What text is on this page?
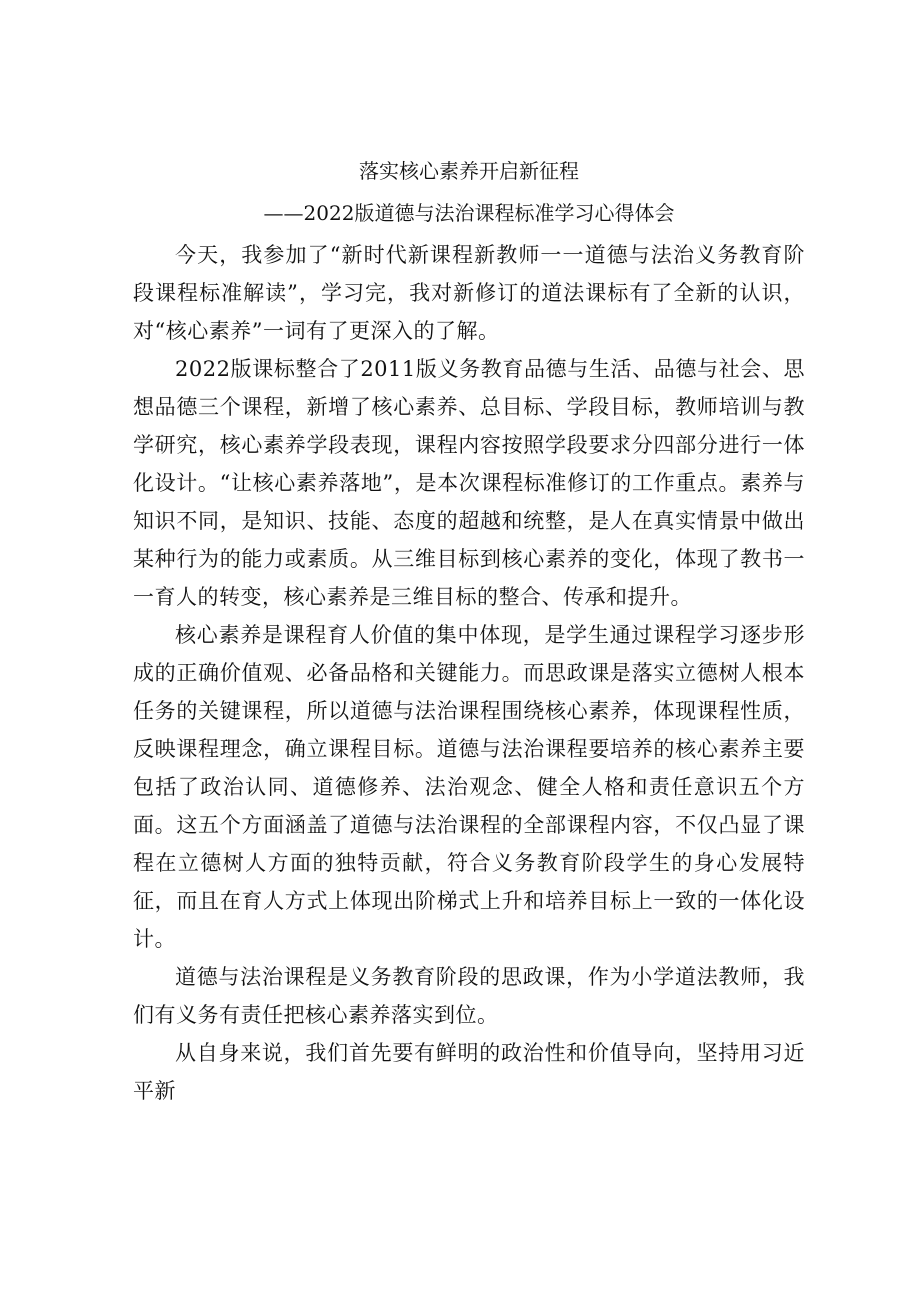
落实核心素养开启新征程
——2022版道德与法治课程标准学习心得体会

今天，我参加了“新时代新课程新教师一一道德与法治义务教育阶段课程标准解读”，学习完，我对新修订的道法课标有了全新的认识，对“核心素养”一词有了更深入的了解。

2022版课标整合了2011版义务教育品德与生活、品德与社会、思想品德三个课程，新增了核心素养、总目标、学段目标，教师培训与教学研究，核心素养学段表现，课程内容按照学段要求分四部分进行一体化设计。“让核心素养落地”，是本次课程标准修订的工作重点。素养与知识不同，是知识、技能、态度的超越和统整，是人在真实情景中做出某种行为的能力或素质。从三维目标到核心素养的变化，体现了教书一一育人的转变，核心素养是三维目标的整合、传承和提升。

核心素养是课程育人价值的集中体现，是学生通过课程学习逐步形成的正确价值观、必备品格和关键能力。而思政课是落实立德树人根本任务的关键课程，所以道德与法治课程围绕核心素养，体现课程性质，反映课程理念，确立课程目标。道德与法治课程要培养的核心素养主要包括了政治认同、道德修养、法治观念、健全人格和责任意识五个方面。这五个方面涵盖了道德与法治课程的全部课程内容，不仅凸显了课程在立德树人方面的独特贡献，符合义务教育阶段学生的身心发展特征，而且在育人方式上体现出阶梯式上升和培养目标上一致的一体化设计。

道德与法治课程是义务教育阶段的思政课，作为小学道法教师，我们有义务有责任把核心素养落实到位。

从自身来说，我们首先要有鲜明的政治性和价值导向，坚持用习近平新
